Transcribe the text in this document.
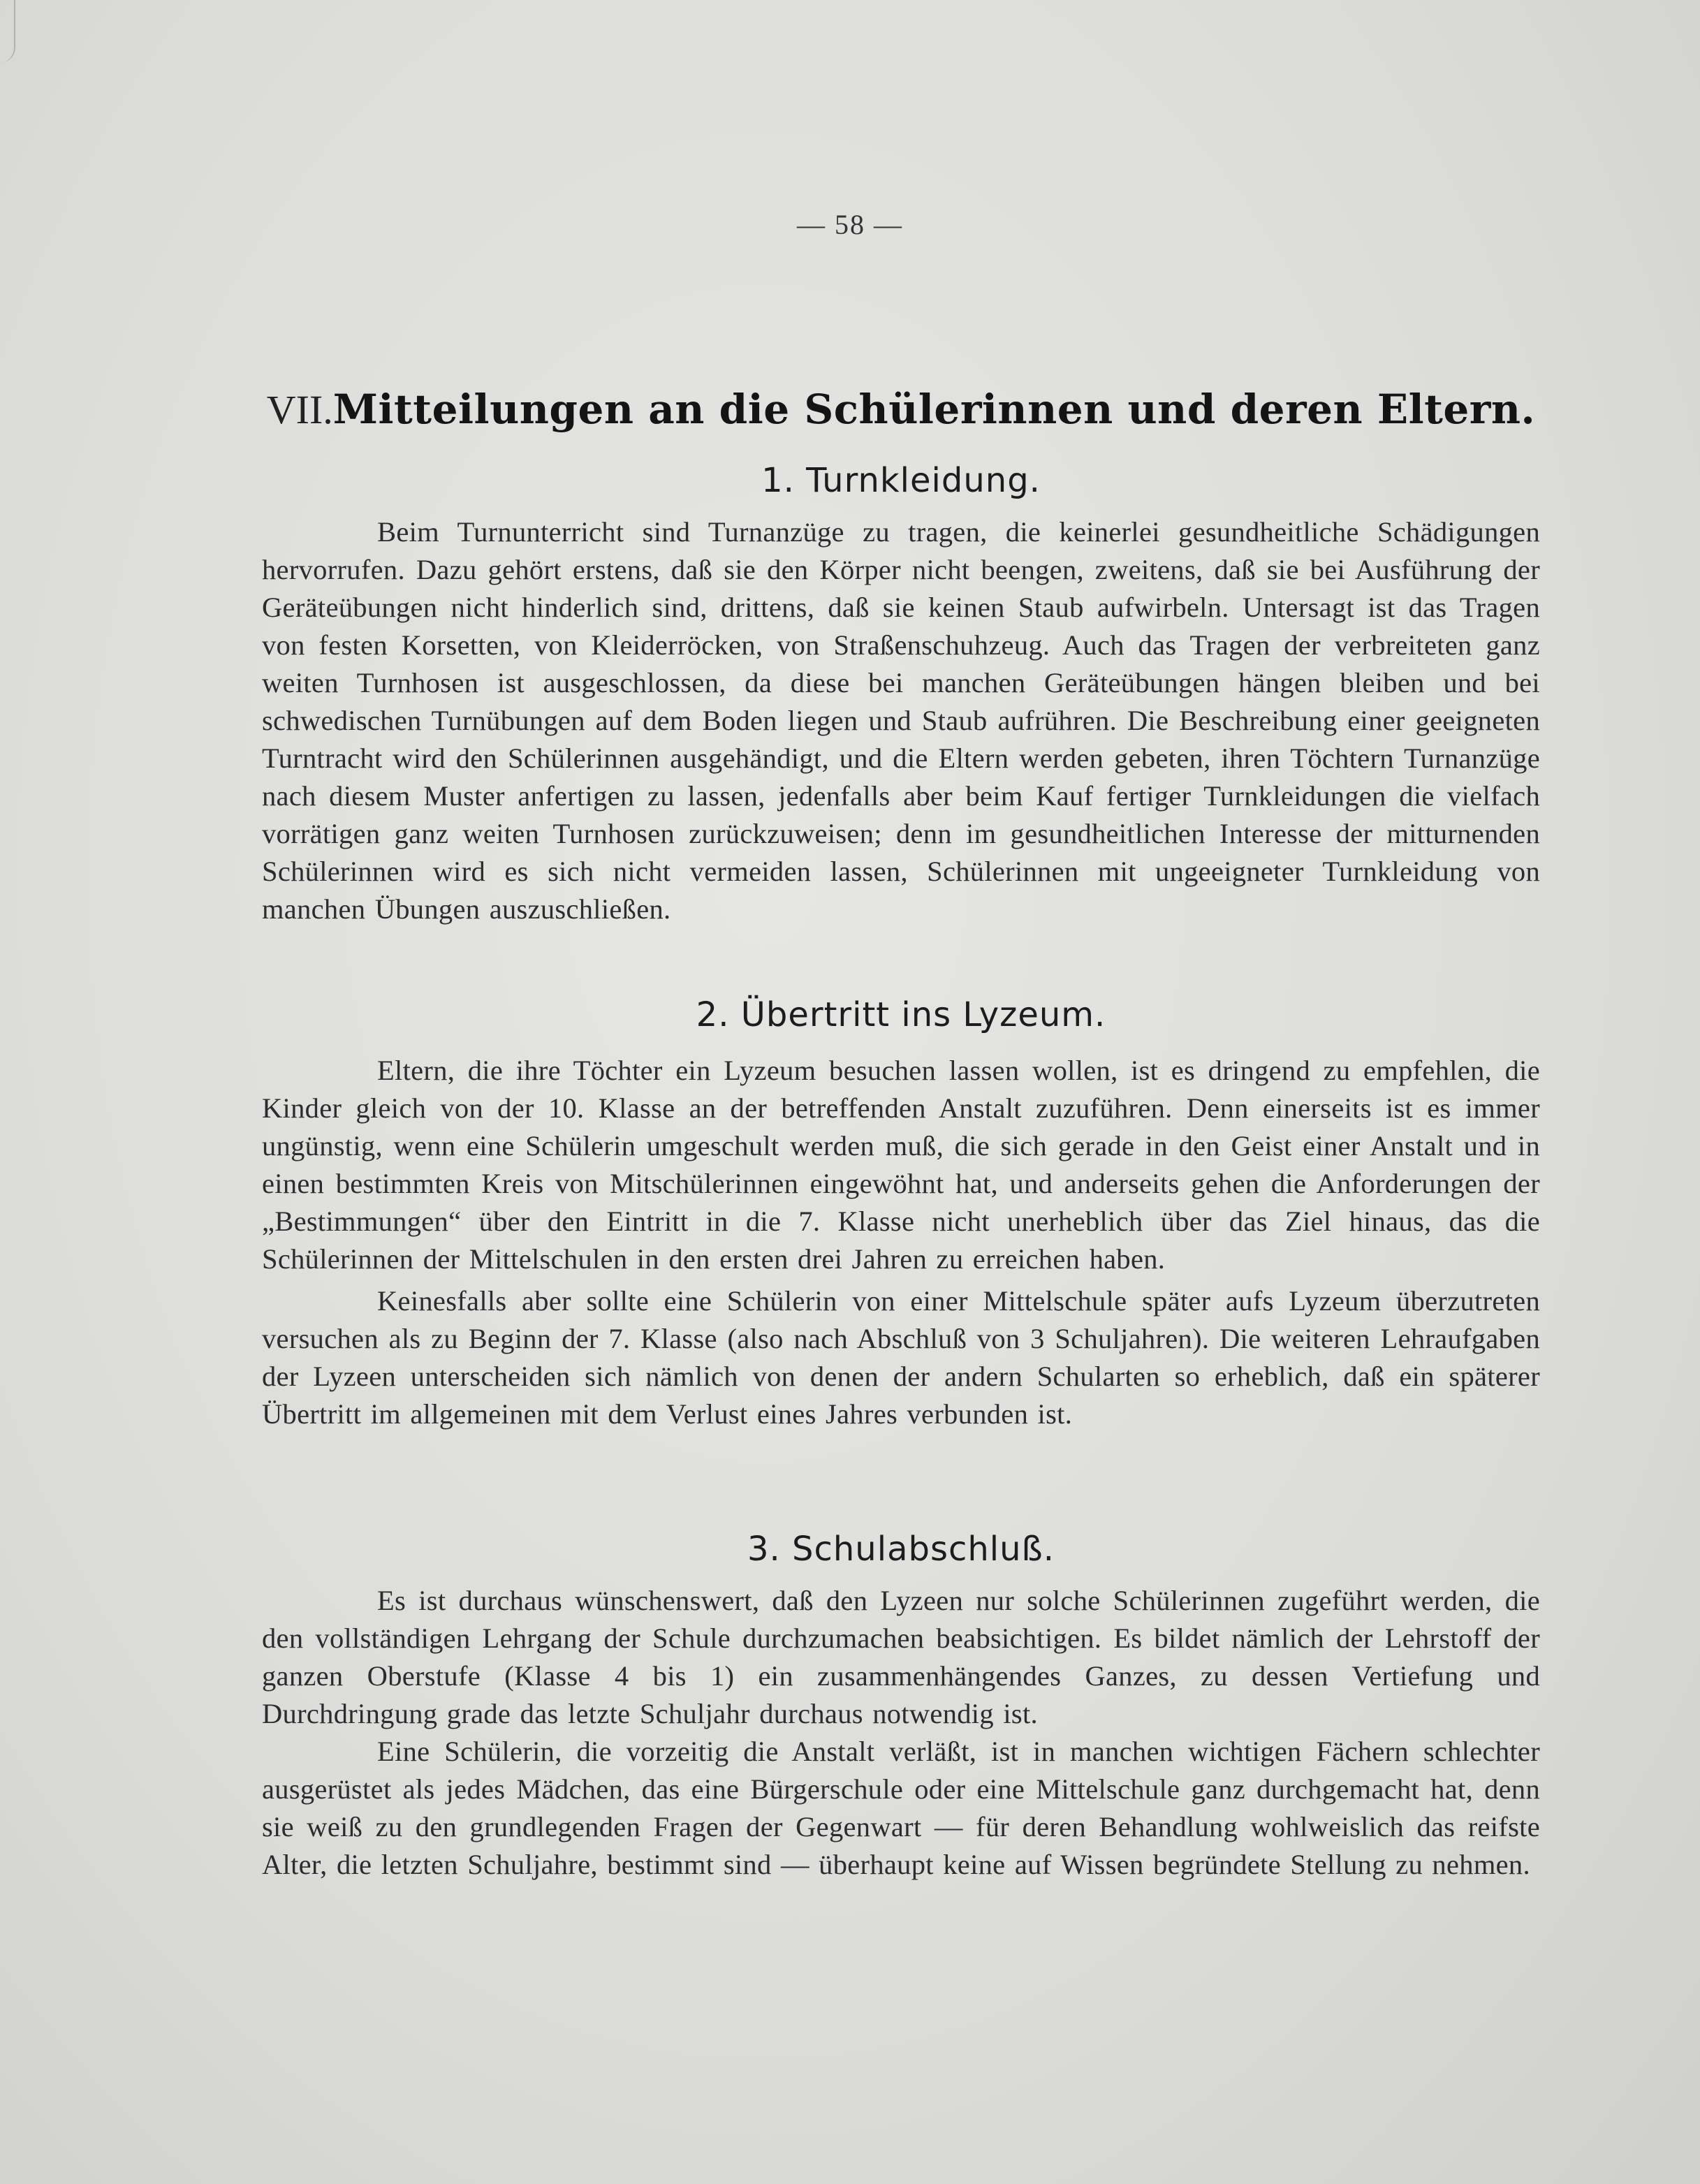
— 58 —
VII.Mitteilungen an die Schülerinnen und deren Eltern.
1. Turnkleidung.

Beim Turnunterricht sind Turnanzüge zu tragen, die keinerlei gesundheitliche Schädigungen hervorrufen. Dazu gehört erstens, daß sie den Körper nicht beengen, zweitens, daß sie bei Ausführung der Geräteübungen nicht hinderlich sind, drittens, daß sie keinen Staub aufwirbeln. Untersagt ist das Tragen von festen Korsetten, von Kleiderröcken, von Straßenschuhzeug. Auch das Tragen der verbreiteten ganz weiten Turnhosen ist ausgeschlossen, da diese bei manchen Geräteübungen hängen bleiben und bei schwedischen Turnübungen auf dem Boden liegen und Staub aufrühren. Die Beschreibung einer geeigneten Turntracht wird den Schülerinnen ausgehändigt, und die Eltern werden gebeten, ihren Töchtern Turnanzüge nach diesem Muster anfertigen zu lassen, jedenfalls aber beim Kauf fertiger Turnkleidungen die vielfach vorrätigen ganz weiten Turnhosen zurückzuweisen; denn im gesundheitlichen Interesse der mitturnenden Schülerinnen wird es sich nicht vermeiden lassen, Schülerinnen mit ungeeigneter Turnkleidung von manchen Übungen auszuschließen.

2. Übertritt ins Lyzeum.

Eltern, die ihre Töchter ein Lyzeum besuchen lassen wollen, ist es dringend zu empfehlen, die Kinder gleich von der 10. Klasse an der betreffenden Anstalt zuzuführen. Denn einerseits ist es immer ungünstig, wenn eine Schülerin umgeschult werden muß, die sich gerade in den Geist einer Anstalt und in einen bestimmten Kreis von Mitschülerinnen eingewöhnt hat, und anderseits gehen die Anforderungen der „Bestimmungen“ über den Eintritt in die 7. Klasse nicht unerheblich über das Ziel hinaus, das die Schülerinnen der Mittelschulen in den ersten drei Jahren zu erreichen haben.

Keinesfalls aber sollte eine Schülerin von einer Mittelschule später aufs Lyzeum überzutreten versuchen als zu Beginn der 7. Klasse (also nach Abschluß von 3 Schuljahren). Die weiteren Lehraufgaben der Lyzeen unterscheiden sich nämlich von denen der andern Schularten so erheblich, daß ein späterer Übertritt im allgemeinen mit dem Verlust eines Jahres verbunden ist.

3. Schulabschluß.

Es ist durchaus wünschenswert, daß den Lyzeen nur solche Schülerinnen zugeführt werden, die den vollständigen Lehrgang der Schule durchzumachen beabsichtigen. Es bildet nämlich der Lehrstoff der ganzen Oberstufe (Klasse 4 bis 1) ein zusammenhängendes Ganzes, zu dessen Vertiefung und Durchdringung grade das letzte Schuljahr durchaus notwendig ist.

Eine Schülerin, die vorzeitig die Anstalt verläßt, ist in manchen wichtigen Fächern schlechter ausgerüstet als jedes Mädchen, das eine Bürgerschule oder eine Mittelschule ganz durchgemacht hat, denn sie weiß zu den grundlegenden Fragen der Gegenwart — für deren Behandlung wohlweislich das reifste Alter, die letzten Schuljahre, bestimmt sind — überhaupt keine auf Wissen begründete Stellung zu nehmen.
